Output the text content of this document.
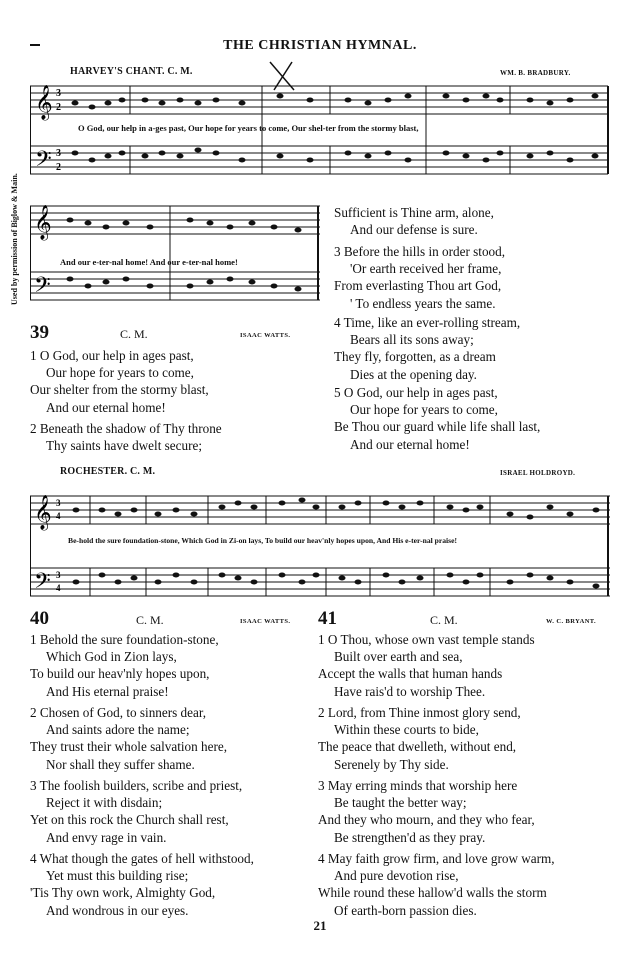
THE CHRISTIAN HYMNAL.
Used by permission of Biglow & Main.
HARVEY'S CHANT. C. M.	WM. B. BRADBURY.
𝄞
𝄢
3
2
3
2
O God, our help in a-ges past, Our hope for years to come, Our shel-ter from the stormy blast,
𝄞
𝄢
And our e-ter-nal home! And our e-ter-nal home!
39	C. M.	ISAAC WATTS.
1 O God, our help in ages past,
Our hope for years to come,
Our shelter from the stormy blast,
And our eternal home!
2 Beneath the shadow of Thy throne
Thy saints have dwelt secure;
Sufficient is Thine arm, alone,
And our defense is sure.
3 Before the hills in order stood,
'Or earth received her frame,
From everlasting Thou art God,
' To endless years the same.
4 Time, like an ever-rolling stream,
Bears all its sons away;
They fly, forgotten, as a dream
Dies at the opening day.
5 O God, our help in ages past,
Our hope for years to come,
Be Thou our guard while life shall last,
And our eternal home!
ROCHESTER. C. M.	ISRAEL HOLDROYD.
𝄞
𝄢
3
4
3
4
Be-hold the sure foundation-stone, Which God in Zi-on lays, To build our heav'nly hopes upon, And His e-ter-nal praise!
40	C. M.	ISAAC WATTS.
1 Behold the sure foundation-stone,
Which God in Zion lays,
To build our heav'nly hopes upon,
And His eternal praise!
2 Chosen of God, to sinners dear,
And saints adore the name;
They trust their whole salvation here,
Nor shall they suffer shame.
3 The foolish builders, scribe and priest,
Reject it with disdain;
Yet on this rock the Church shall rest,
And envy rage in vain.
4 What though the gates of hell withstood,
Yet must this building rise;
'Tis Thy own work, Almighty God,
And wondrous in our eyes.
41	C. M.	W. C. BRYANT.
1 O Thou, whose own vast temple stands
Built over earth and sea,
Accept the walls that human hands
Have rais'd to worship Thee.
2 Lord, from Thine inmost glory send,
Within these courts to bide,
The peace that dwelleth, without end,
Serenely by Thy side.
3 May erring minds that worship here
Be taught the better way;
And they who mourn, and they who fear,
Be strengthen'd as they pray.
4 May faith grow firm, and love grow warm,
And pure devotion rise,
While round these hallow'd walls the storm
Of earth-born passion dies.
21
